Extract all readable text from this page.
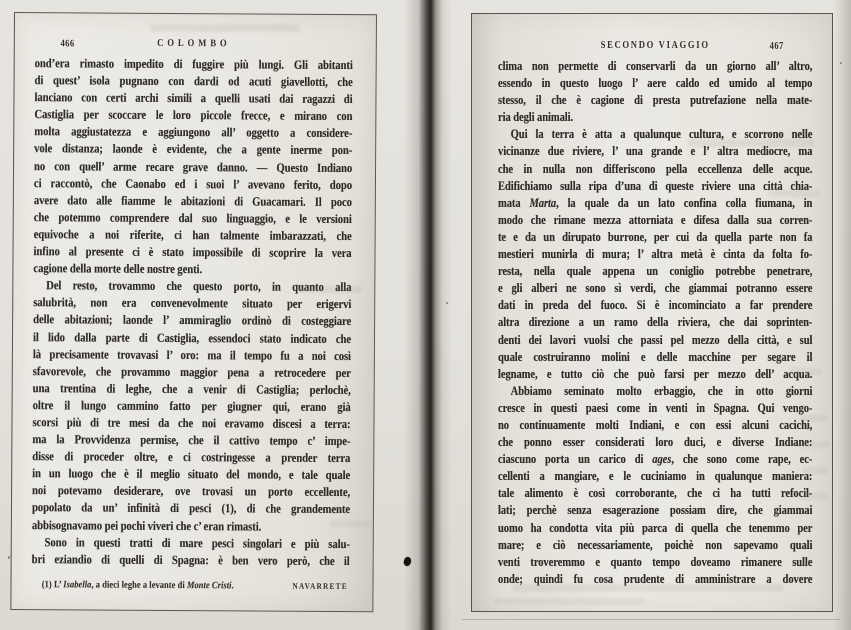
466	COLOMBO
ond’era rimasto impedito di fuggire più lungi. Gli abitanti
di quest’ isola pugnano con dardi od acuti giavellotti, che
lanciano con certi archi simili a quelli usati dai ragazzi di
Castiglia per scoccare le loro piccole frecce, e mirano con
molta aggiustatezza e aggiungono all’ oggetto a considere-
vole distanza; laonde è evidente, che a gente inerme pon-
no con quell’ arme recare grave danno. — Questo Indiano
ci raccontò, che Caonabo ed i suoi l’ avevano ferito, dopo
avere dato alle fiamme le abitazioni di Guacamari. Il poco
che potemmo comprendere dal suo linguaggio, e le versioni
equivoche a noi riferite, ci han talmente imbarazzati, che
infino al presente ci è stato impossibile di scoprire la vera
cagione della morte delle nostre genti.
Del resto, trovammo che questo porto, in quanto alla
salubrità, non era convenevolmente situato per erigervi
delle abitazioni; laonde l’ ammiraglio ordinò di costeggiare
il lido dalla parte di Castiglia, essendoci stato indicato che
là precisamente trovavasi l’ oro: ma il tempo fu a noi così
sfavorevole, che provammo maggior pena a retrocedere per
una trentina di leghe, che a venir di Castiglia; perlochè,
oltre il lungo cammino fatto per giugner qui, erano già
scorsi più di tre mesi da che noi eravamo discesi a terra:
ma la Provvidenza permise, che il cattivo tempo c’ impe-
disse di proceder oltre, e ci costringesse a prender terra
in un luogo che è il meglio situato del mondo, e tale quale
noi potevamo desiderare, ove trovasi un porto eccellente,
popolato da un’ infinità di pesci (1), di che grandemente
abbisognavamo pei pochi viveri che c’ eran rimasti.
Sono in questi tratti di mare pesci singolari e più salu-
bri eziandio di quelli di Spagna: è ben vero però, che il
(1) L’ Isabella, a dieci leghe a levante di Monte Cristi.	NAVARRETE
SECONDO VIAGGIO	467
clima non permette di conservarli da un giorno all’ altro,
essendo in questo luogo l’ aere caldo ed umido al tempo
stesso, il che è cagione di presta putrefazione nella mate-
ria degli animali.
Qui la terra è atta a qualunque cultura, e scorrono nelle
vicinanze due riviere, l’ una grande e l’ altra mediocre, ma
che in nulla non differiscono pella eccellenza delle acque.
Edifichiamo sulla ripa d’una di queste riviere una città chia-
mata Marta, la quale da un lato confina colla fiumana, in
modo che rimane mezza attorniata e difesa dalla sua corren-
te e da un dirupato burrone, per cui da quella parte non fa
mestieri munirla di mura; l’ altra metà è cinta da folta fo-
resta, nella quale appena un coniglio potrebbe penetrare,
e gli alberi ne sono sì verdi, che giammai potranno essere
dati in preda del fuoco. Si è incominciato a far prendere
altra direzione a un ramo della riviera, che dai soprinten-
denti dei lavori vuolsi che passi pel mezzo della città, e sul
quale costruiranno molini e delle macchine per segare il
legname, e tutto ciò che può farsi per mezzo dell’ acqua.
Abbiamo seminato molto erbaggio, che in otto giorni
cresce in questi paesi come in venti in Spagna. Qui vengo-
no continuamente molti Indiani, e con essi alcuni cacichi,
che ponno esser considerati loro duci, e diverse Indiane:
ciascuno porta un carico di ages, che sono come rape, ec-
cellenti a mangiare, e le cuciniamo in qualunque maniera:
tale alimento è così corroborante, che ci ha tutti refocil-
lati; perchè senza esagerazione possiam dire, che giammai
uomo ha condotta vita più parca di quella che tenemmo per
mare; e ciò necessariamente, poichè non sapevamo quali
venti troveremmo e quanto tempo doveamo rimanere sulle
onde; quindi fu cosa prudente di amministrare a dovere
